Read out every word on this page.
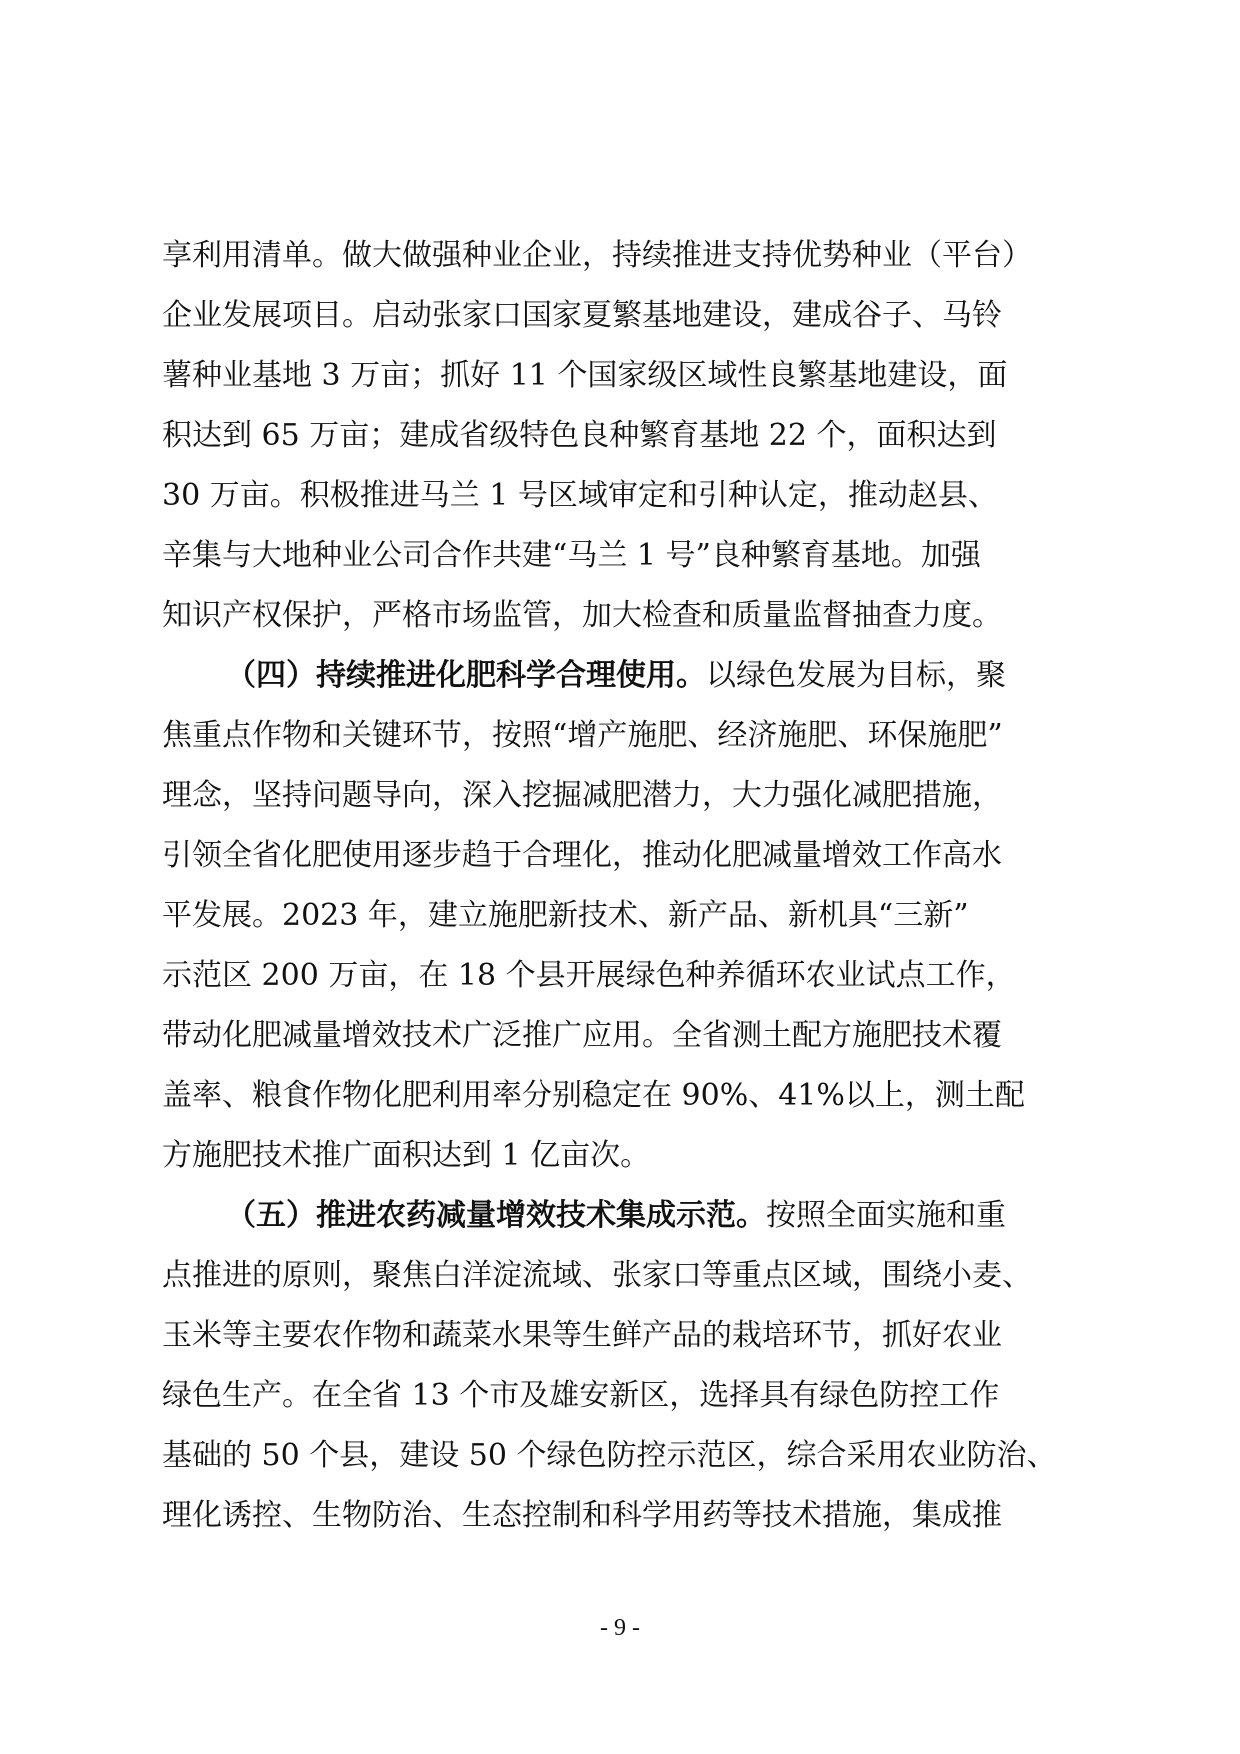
享利用清单。做大做强种业企业，持续推进支持优势种业（平台）
企业发展项目。启动张家口国家夏繁基地建设，建成谷子、马铃
薯种业基地 3 万亩；抓好 11 个国家级区域性良繁基地建设，面
积达到 65 万亩；建成省级特色良种繁育基地 22 个，面积达到
30 万亩。积极推进马兰 1 号区域审定和引种认定，推动赵县、
辛集与大地种业公司合作共建“马兰 1 号”良种繁育基地。加强
知识产权保护，严格市场监管，加大检查和质量监督抽查力度。
（四）持续推进化肥科学合理使用。以绿色发展为目标，聚
焦重点作物和关键环节，按照“增产施肥、经济施肥、环保施肥”
理念，坚持问题导向，深入挖掘减肥潜力，大力强化减肥措施，
引领全省化肥使用逐步趋于合理化，推动化肥减量增效工作高水
平发展。2023 年，建立施肥新技术、新产品、新机具“三新”
示范区 200 万亩，在 18 个县开展绿色种养循环农业试点工作，
带动化肥减量增效技术广泛推广应用。全省测土配方施肥技术覆
盖率、粮食作物化肥利用率分别稳定在 90%、41%以上，测土配
方施肥技术推广面积达到 1 亿亩次。
（五）推进农药减量增效技术集成示范。按照全面实施和重
点推进的原则，聚焦白洋淀流域、张家口等重点区域，围绕小麦、
玉米等主要农作物和蔬菜水果等生鲜产品的栽培环节，抓好农业
绿色生产。在全省 13 个市及雄安新区，选择具有绿色防控工作
基础的 50 个县，建设 50 个绿色防控示范区，综合采用农业防治、
理化诱控、生物防治、生态控制和科学用药等技术措施，集成推
- 9 -
